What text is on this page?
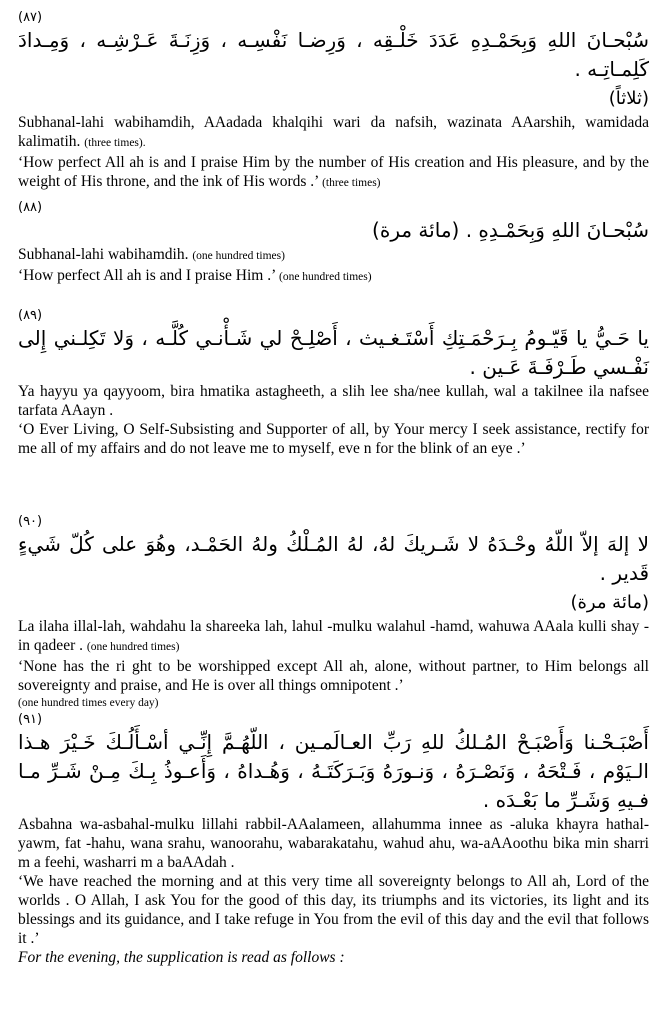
(٨٧)
سُبْحـانَ اللهِ وَبِحَمْـدِهِ عَدَدَ خَلْـقِه ، وَرِضـا نَفْسِـه ، وَزِنَـةَ عَـرْشِـه ، وَمِـدادَ كَلِمـاتِـه .
(ثلاثاً)
Subhanal-lahi wabihamdih, AAadada khalqihi wari da nafsih, wazinata AAarshih, wamidada kalimatih. (three times).
‘How perfect All ah is and I praise Him by the number of His creation and His pleasure, and by the weight of His throne, and the ink of His words .’ (three times)
(٨٨)
سُبْحـانَ اللهِ وَبِحَمْـدِهِ . (مائة مرة)
Subhanal-lahi wabihamdih. (one hundred times)
‘How perfect All ah is and I praise Him .’ (one hundred times)
(٨٩)
يا حَـيُّ يا قَيّـومُ بِـرَحْمَـتِكِ أَسْتَـغـيث ، أَصْلِـحْ لي شَـأْنـي كُلَّـه ، وَلا تَكِلـني إِلى نَفْـسي طَـرْفَـةَ عَـين .
Ya hayyu ya qayyoom, bira hmatika astagheeth, a slih lee sha/nee kullah, wal a takilnee ila nafsee tarfata AAayn .
‘O Ever Living, O Self-Subsisting and Supporter of all, by Your mercy I seek assistance, rectify for me all of my affairs and do not leave me to myself, eve n for the blink of an eye .’
(٩٠)
لا إلهَ إلاّ اللّهُ وحْـدَهُ لا شَـريكَ لهُ، لهُ المُـلْكُ ولهُ الحَمْـد، وهُوَ على كُلّ شَيءٍ قَدير .
(مائة مرة)
La ilaha illal-lah, wahdahu la shareeka lah, lahul -mulku walahul -hamd, wahuwa AAala kulli shay -in qadeer . (one hundred times)
‘None has the ri ght to be worshipped except All ah, alone, without partner, to Him belongs all sovereignty and praise, and He is over all things omnipotent .’
(one hundred times every day)
(٩١)
أَصْبَـحْـنا وَأَصْبَـحْ المُـلكُ للهِ رَبِّ العـالَمـين ، اللّهُـمَّ إِنِّـي أسْـأَلُـكَ خَـيْرَ هـذا الـيَوْم ، فَـتْحَهُ ، وَنَصْـرَهُ ، وَنـورَهُ وَبَـرَكَتَـهُ ، وَهُـداهُ ، وَأَعـوذُ بِـكَ مِـنْ شَـرِّ مـا فـيهِ وَشَـرِّ ما بَعْـدَه .
Asbahna wa-asbahal-mulku lillahi rabbil-AAalameen, allahumma innee as -aluka khayra hathal-yawm, fat -hahu, wana srahu, wanoorahu, wabarakatahu, wahud ahu, wa-aAAoothu bika min sharri m a feehi, washarri m a baAAdah .
‘We have reached the morning and at this very time all sovereignty belongs to All ah, Lord of the worlds . O Allah, I ask You for the good of this day, its triumphs and its victories, its light and its blessings and its guidance, and I take refuge in You from the evil of this day and the evil that follows it .’
For the evening, the supplication is read as follows :
